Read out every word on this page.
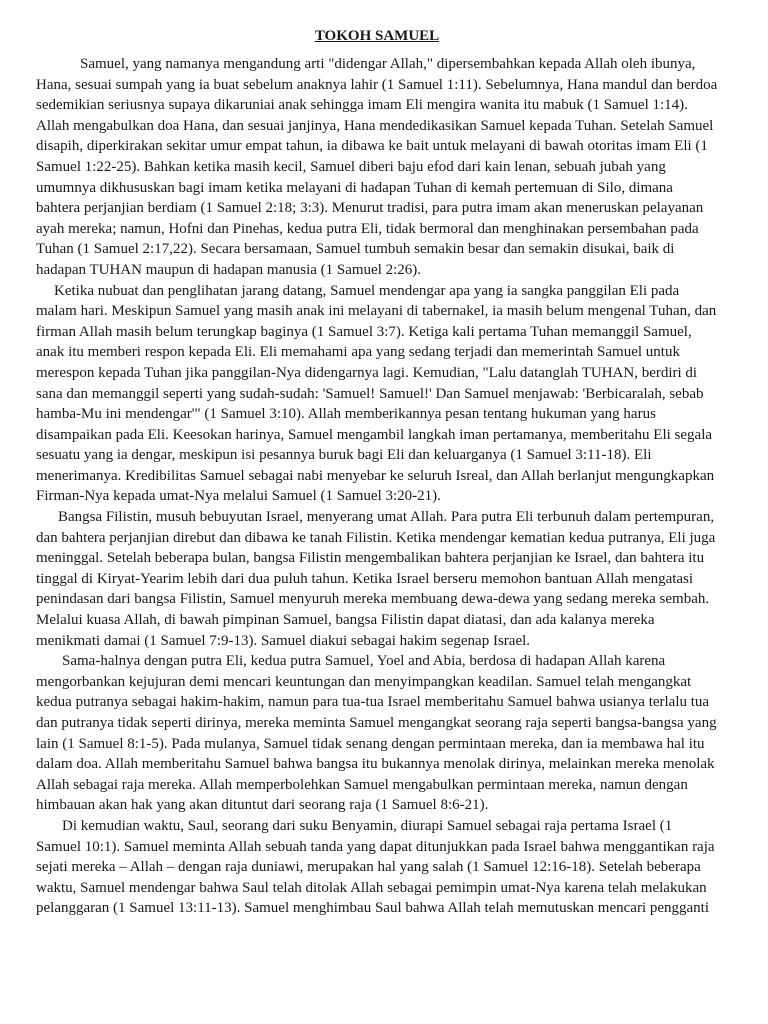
TOKOH SAMUEL

Samuel, yang namanya mengandung arti "didengar Allah," dipersembahkan kepada Allah oleh ibunya, Hana, sesuai sumpah yang ia buat sebelum anaknya lahir (1 Samuel 1:11). Sebelumnya, Hana mandul dan berdoa sedemikian seriusnya supaya dikaruniai anak sehingga imam Eli mengira wanita itu mabuk (1 Samuel 1:14). Allah mengabulkan doa Hana, dan sesuai janjinya, Hana mendedikasikan Samuel kepada Tuhan. Setelah Samuel disapih, diperkirakan sekitar umur empat tahun, ia dibawa ke bait untuk melayani di bawah otoritas imam Eli (1 Samuel 1:22-25). Bahkan ketika masih kecil, Samuel diberi baju efod dari kain lenan, sebuah jubah yang umumnya dikhususkan bagi imam ketika melayani di hadapan Tuhan di kemah pertemuan di Silo, dimana bahtera perjanjian berdiam (1 Samuel 2:18; 3:3). Menurut tradisi, para putra imam akan meneruskan pelayanan ayah mereka; namun, Hofni dan Pinehas, kedua putra Eli, tidak bermoral dan menghinakan persembahan pada Tuhan (1 Samuel 2:17,22). Secara bersamaan, Samuel tumbuh semakin besar dan semakin disukai, baik di hadapan TUHAN maupun di hadapan manusia (1 Samuel 2:26).

Ketika nubuat dan penglihatan jarang datang, Samuel mendengar apa yang ia sangka panggilan Eli pada malam hari. Meskipun Samuel yang masih anak ini melayani di tabernakel, ia masih belum mengenal Tuhan, dan firman Allah masih belum terungkap baginya (1 Samuel 3:7). Ketiga kali pertama Tuhan memanggil Samuel, anak itu memberi respon kepada Eli. Eli memahami apa yang sedang terjadi dan memerintah Samuel untuk merespon kepada Tuhan jika panggilan-Nya didengarnya lagi. Kemudian, "Lalu datanglah TUHAN, berdiri di sana dan memanggil seperti yang sudah-sudah: 'Samuel! Samuel!' Dan Samuel menjawab: 'Berbicaralah, sebab hamba-Mu ini mendengar'" (1 Samuel 3:10). Allah memberikannya pesan tentang hukuman yang harus disampaikan pada Eli. Keesokan harinya, Samuel mengambil langkah iman pertamanya, memberitahu Eli segala sesuatu yang ia dengar, meskipun isi pesannya buruk bagi Eli dan keluarganya (1 Samuel 3:11-18). Eli menerimanya. Kredibilitas Samuel sebagai nabi menyebar ke seluruh Isreal, dan Allah berlanjut mengungkapkan Firman-Nya kepada umat-Nya melalui Samuel (1 Samuel 3:20-21).

Bangsa Filistin, musuh bebuyutan Israel, menyerang umat Allah. Para putra Eli terbunuh dalam pertempuran, dan bahtera perjanjian direbut dan dibawa ke tanah Filistin. Ketika mendengar kematian kedua putranya, Eli juga meninggal. Setelah beberapa bulan, bangsa Filistin mengembalikan bahtera perjanjian ke Israel, dan bahtera itu tinggal di Kiryat-Yearim lebih dari dua puluh tahun. Ketika Israel berseru memohon bantuan Allah mengatasi penindasan dari bangsa Filistin, Samuel menyuruh mereka membuang dewa-dewa yang sedang mereka sembah. Melalui kuasa Allah, di bawah pimpinan Samuel, bangsa Filistin dapat diatasi, dan ada kalanya mereka menikmati damai (1 Samuel 7:9-13). Samuel diakui sebagai hakim segenap Israel.

Sama-halnya dengan putra Eli, kedua putra Samuel, Yoel and Abia, berdosa di hadapan Allah karena mengorbankan kejujuran demi mencari keuntungan dan menyimpangkan keadilan. Samuel telah mengangkat kedua putranya sebagai hakim-hakim, namun para tua-tua Israel memberitahu Samuel bahwa usianya terlalu tua dan putranya tidak seperti dirinya, mereka meminta Samuel mengangkat seorang raja seperti bangsa-bangsa yang lain (1 Samuel 8:1-5). Pada mulanya, Samuel tidak senang dengan permintaan mereka, dan ia membawa hal itu dalam doa. Allah memberitahu Samuel bahwa bangsa itu bukannya menolak dirinya, melainkan mereka menolak Allah sebagai raja mereka. Allah memperbolehkan Samuel mengabulkan permintaan mereka, namun dengan himbauan akan hak yang akan dituntut dari seorang raja (1 Samuel 8:6-21).

Di kemudian waktu, Saul, seorang dari suku Benyamin, diurapi Samuel sebagai raja pertama Israel (1 Samuel 10:1). Samuel meminta Allah sebuah tanda yang dapat ditunjukkan pada Israel bahwa menggantikan raja sejati mereka – Allah – dengan raja duniawi, merupakan hal yang salah (1 Samuel 12:16-18). Setelah beberapa waktu, Samuel mendengar bahwa Saul telah ditolak Allah sebagai pemimpin umat-Nya karena telah melakukan pelanggaran (1 Samuel 13:11-13). Samuel menghimbau Saul bahwa Allah telah memutuskan mencari pengganti
